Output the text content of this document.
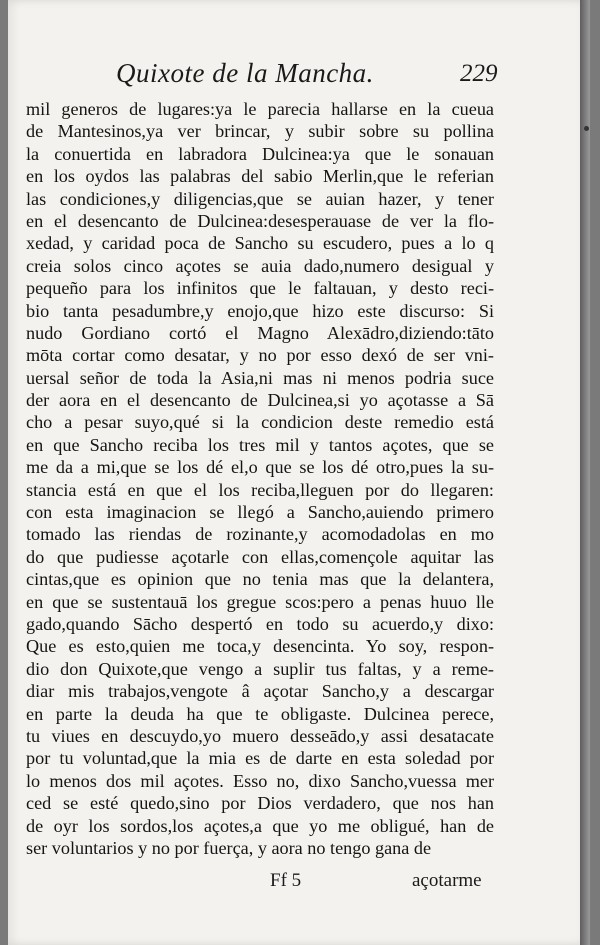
Quixote de la Mancha.	229
mil generos de lugares:ya le parecia hallarse en la cueua
de Mantesinos,ya ver brincar, y subir sobre su pollina
la conuertida en labradora Dulcinea:ya que le sonauan
en los oydos las palabras del sabio Merlin,que le referian
las condiciones,y diligencias,que se auian hazer, y tener
en el desencanto de Dulcinea:desesperauase de ver la flo-
xedad, y caridad poca de Sancho su escudero, pues a lo q
creia solos cinco açotes se auia dado,numero desigual y
pequeño para los infinitos que le faltauan, y desto reci-
bio tanta pesadumbre,y enojo,que hizo este discurso: Si
nudo Gordiano cortó el Magno Alexādro,diziendo:tāto
mōta cortar como desatar, y no por esso dexó de ser vni-
uersal señor de toda la Asia,ni mas ni menos podria suce
der aora en el desencanto de Dulcinea,si yo açotasse a Sā
cho a pesar suyo,qué si la condicion deste remedio está
en que Sancho reciba los tres mil y tantos açotes, que se
me da a mi,que se los dé el,o que se los dé otro,pues la su-
stancia está en que el los reciba,lleguen por do llegaren:
con esta imaginacion se llegó a Sancho,auiendo primero
tomado las riendas de rozinante,y acomodadolas en mo
do que pudiesse açotarle con ellas,començole aquitar las
cintas,que es opinion que no tenia mas que la delantera,
en que se sustentauā los gregue scos:pero a penas huuo lle
gado,quando Sācho despertó en todo su acuerdo,y dixo:
Que es esto,quien me toca,y desencinta. Yo soy, respon-
dio don Quixote,que vengo a suplir tus faltas, y a reme-
diar mis trabajos,vengote â açotar Sancho,y a descargar
en parte la deuda ha que te obligaste. Dulcinea perece,
tu viues en descuydo,yo muero desseādo,y assi desatacate
por tu voluntad,que la mia es de darte en esta soledad por
lo menos dos mil açotes. Esso no, dixo Sancho,vuessa mer
ced se esté quedo,sino por Dios verdadero, que nos han
de oyr los sordos,los açotes,a que yo me obligué, han de
ser voluntarios y no por fuerça, y aora no tengo gana de
Ff 5	açotarme
